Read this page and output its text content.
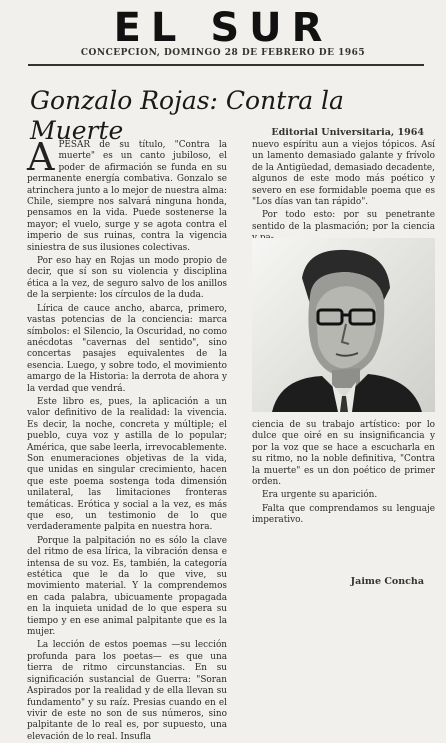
EL SUR
CONCEPCION, DOMINGO 28 DE FEBRERO DE 1965
Gonzalo Rojas: Contra la Muerte	Editorial Universitaria, 1964

APESAR de su título, "Contra la muerte" es un canto jubiloso, el poder de afirmación se funda en su permanente energía combativa. Gonzalo se atrinchera junto a lo mejor de nuestra alma: Chile, siempre nos salvará ninguna honda, pensamos en la vida. Puede sostenerse la mayor; el vuelo, surge y se agota contra el imperio de sus ruinas, contra la vigencia siniestra de sus ilusiones colectivas.

Por eso hay en Rojas un modo propio de decir, que sí son su violencia y disciplina ética a la vez, de seguro salvo de los anillos de la serpiente: los círculos de la duda.

Lírica de cauce ancho, abarca, primero, vastas potencias de la conciencia: marca símbolos: el Silencio, la Oscuridad, no como anécdotas "cavernas del sentido", sino concertas pasajes equivalentes de la esencia. Luego, y sobre todo, el movimiento amargo de la Historia: la derrota de ahora y la verdad que vendrá.

Este libro es, pues, la aplicación a un valor definitivo de la realidad: la vivencia. Es decir, la noche, concreta y múltiple; el pueblo, cuya voz y astilla de lo popular; América, que sabe leerla, irrevocablemente. Son enumeraciones objetivas de la vida, que unidas en singular crecimiento, hacen que este poema sostenga toda dimensión unilateral, las limitaciones fronteras temáticas. Erótica y social a la vez, es más que eso, un testimonio de lo que verdaderamente palpita en nuestra hora.

Porque la palpitación no es sólo la clave del ritmo de esa lírica, la vibración densa e intensa de su voz. Es, también, la categoría estética que le da lo que vive, su movimiento material. Y la comprendemos en cada palabra, ubicuamente propagada en la inquieta unidad de lo que espera su tiempo y en ese animal palpitante que es la mujer.

La lección de estos poemas —su lección profunda para los poetas— es que una tierra de ritmo circunstancias. En su significación sustancial de Guerra: "Soran Aspirados por la realidad y de ella llevan su fundamento" y su raíz. Presias cuando en el vivir de este no son de sus números, sino palpitante de lo real es, por supuesto, una elevación de lo real. Insufla

nuevo espíritu aun a viejos tópicos. Así un lamento demasiado galante y frívolo de la Antigüedad, demasiado decadente, algunos de este modo más poético y severo en ese formidable poema que es "Los días van tan rápido".

Por todo esto: por su penetrante sentido de la plasmación; por la ciencia

ciencia de su trabajo artístico: por lo dulce que oiré en su insignificancia y por la voz que se hace a escucharla en su ritmo, no la noble definitiva, "Contra la muerte" es un don poético de primer orden.

Era urgente su aparición.

Falta que comprendamos su lenguaje imperativo.

Jaime Concha
